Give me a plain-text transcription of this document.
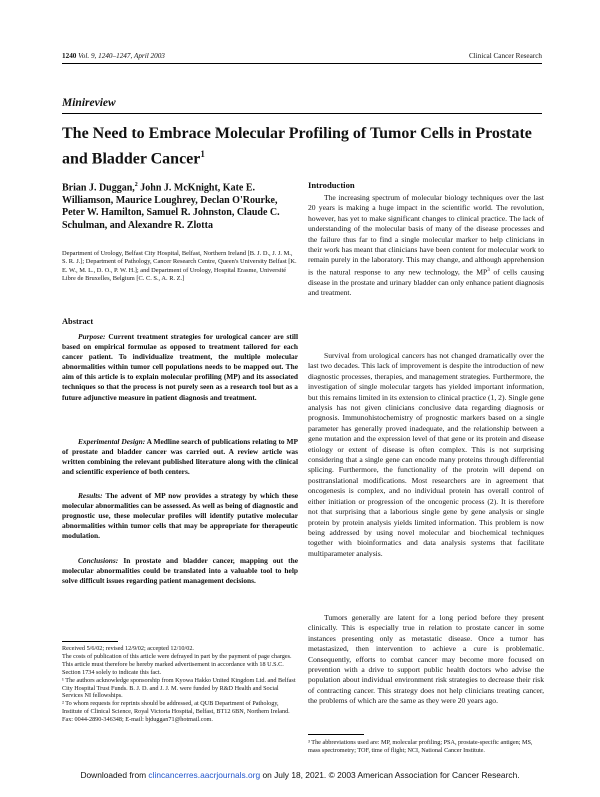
1240 Vol. 9, 1240–1247, April 2003	Clinical Cancer Research
Minireview
The Need to Embrace Molecular Profiling of Tumor Cells in Prostate and Bladder Cancer$^1$
Brian J. Duggan,$^2$ John J. McKnight, Kate E. Williamson, Maurice Loughrey, Declan O'Rourke, Peter W. Hamilton, Samuel R. Johnston, Claude C. Schulman, and Alexandre R. Zlotta
Department of Urology, Belfast City Hospital, Belfast, Northern Ireland [B. J. D., J. J. M., S. R. J.]; Department of Pathology, Cancer Research Centre, Queen's University Belfast [K. E. W., M. L., D. O., P. W. H.]; and Department of Urology, Hospital Erasme, Université Libre de Bruxelles, Belgium [C. C. S., A. R. Z.]
Abstract

Purpose: Current treatment strategies for urological cancer are still based on empirical formulae as opposed to treatment tailored for each cancer patient. To individualize treatment, the multiple molecular abnormalities within tumor cell populations needs to be mapped out. The aim of this article is to explain molecular profiling (MP) and its associated techniques so that the process is not purely seen as a research tool but as a future adjunctive measure in patient diagnosis and treatment.

Experimental Design: A Medline search of publications relating to MP of prostate and bladder cancer was carried out. A review article was written combining the relevant published literature along with the clinical and scientific experience of both centers.

Results: The advent of MP now provides a strategy by which these molecular abnormalities can be assessed. As well as being of diagnostic and prognostic use, these molecular profiles will identify putative molecular abnormalities within tumor cells that may be appropriate for therapeutic modulation.

Conclusions: In prostate and bladder cancer, mapping out the molecular abnormalities could be translated into a valuable tool to help solve difficult issues regarding patient management decisions.

Received 5/6/02; revised 12/9/02; accepted 12/10/02.

The costs of publication of this article were defrayed in part by the payment of page charges. This article must therefore be hereby marked advertisement in accordance with 18 U.S.C. Section 1734 solely to indicate this fact.

¹ The authors acknowledge sponsorship from Kyowa Hakko United Kingdom Ltd. and Belfast City Hospital Trust Funds. B. J. D. and J. J. M. were funded by R&D Health and Social Services NI fellowships.

² To whom requests for reprints should be addressed, at QUB Department of Pathology, Institute of Clinical Science, Royal Victoria Hospital, Belfast, BT12 6BN, Northern Ireland. Fax: 0044-2890-346348; E-mail: bjduggan71@hotmail.com.

Introduction

The increasing spectrum of molecular biology techniques over the last 20 years is making a huge impact in the scientific world. The revolution, however, has yet to make significant changes to clinical practice. The lack of understanding of the molecular basis of many of the disease processes and the failure thus far to find a single molecular marker to help clinicians in their work has meant that clinicians have been content for molecular work to remain purely in the laboratory. This may change, and although apprehension is the natural response to any new technology, the $MP^3$ of cells causing disease in the prostate and urinary bladder can only enhance patient diagnosis and treatment.

Survival from urological cancers has not changed dramatically over the last two decades. This lack of improvement is despite the introduction of new diagnostic processes, therapies, and management strategies. Furthermore, the investigation of single molecular targets has yielded important information, but this remains limited in its extension to clinical practice (1, 2). Single gene analysis has not given clinicians conclusive data regarding diagnosis or prognosis. Immunohistochemistry of prognostic markers based on a single parameter has generally proved inadequate, and the relationship between a gene mutation and the expression level of that gene or its protein and disease etiology or extent of disease is often complex. This is not surprising considering that a single gene can encode many proteins through differential splicing. Furthermore, the functionality of the protein will depend on posttranslational modifications. Most researchers are in agreement that oncogenesis is complex, and no individual protein has overall control of either initiation or progression of the oncogenic process (2). It is therefore not that surprising that a laborious single gene by gene analysis or single protein by protein analysis yields limited information. This problem is now being addressed by using novel molecular and biochemical techniques together with bioinformatics and data analysis systems that facilitate multiparameter analysis.

Tumors generally are latent for a long period before they present clinically. This is especially true in relation to prostate cancer in some instances presenting only as metastatic disease. Once a tumor has metastasized, then intervention to achieve a cure is problematic. Consequently, efforts to combat cancer may become more focused on prevention with a drive to support public health doctors who advise the population about individual environment risk strategies to decrease their risk of contracting cancer. This strategy does not help clinicians treating cancer, the problems of which are the same as they were 20 years ago.

³ The abbreviations used are: MP, molecular profiling; PSA, prostate-specific antigen; MS, mass spectrometry; TOF, time of flight; NCI, National Cancer Institute.

Downloaded from clincancerres.aacrjournals.org on July 18, 2021. © 2003 American Association for Cancer Research.
